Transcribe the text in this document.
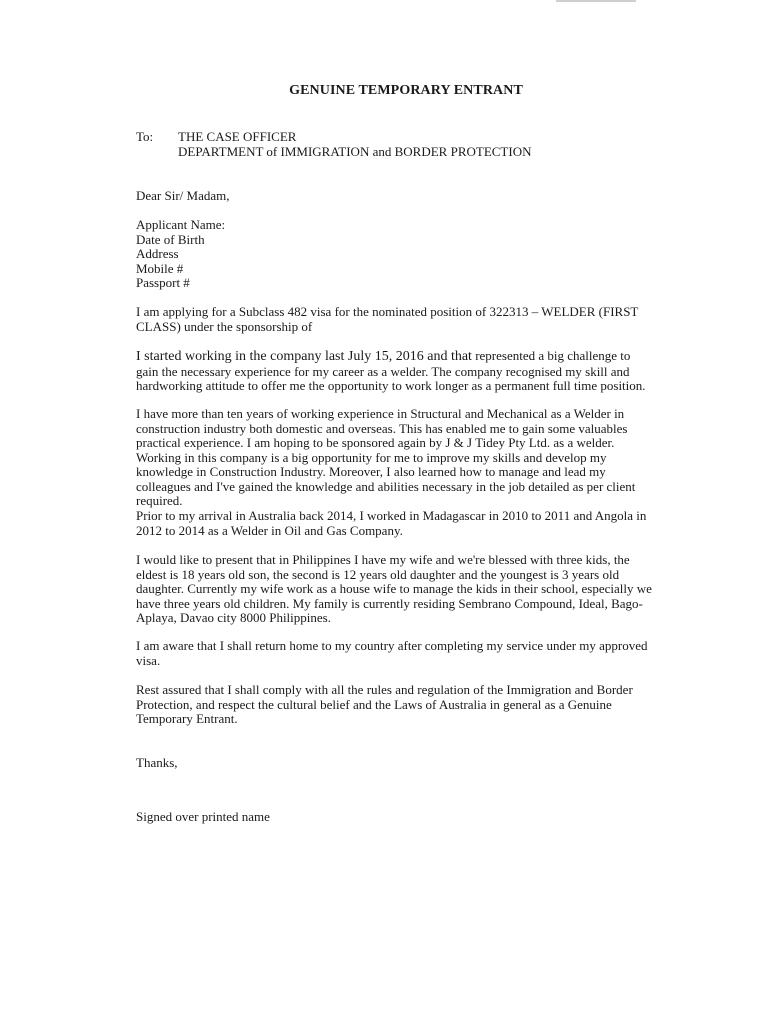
GENUINE TEMPORARY ENTRANT
To: THE CASE OFFICER
DEPARTMENT of IMMIGRATION and BORDER PROTECTION
Dear Sir/ Madam,
Applicant Name:
Date of Birth
Address
Mobile #
Passport #

I am applying for a Subclass 482 visa for the nominated position of 322313 – WELDER (FIRST CLASS) under the sponsorship of

I started working in the company last July 15, 2016 and that represented a big challenge to gain the necessary experience for my career as a welder. The company recognised my skill and hardworking attitude to offer me the opportunity to work longer as a permanent full time position.

I have more than ten years of working experience in Structural and Mechanical as a Welder in construction industry both domestic and overseas. This has enabled me to gain some valuables practical experience. I am hoping to be sponsored again by J & J Tidey Pty Ltd. as a welder. Working in this company is a big opportunity for me to improve my skills and develop my knowledge in Construction Industry. Moreover, I also learned how to manage and lead my colleagues and I've gained the knowledge and abilities necessary in the job detailed as per client required.

Prior to my arrival in Australia back 2014, I worked in Madagascar in 2010 to 2011 and Angola in 2012 to 2014 as a Welder in Oil and Gas Company.

I would like to present that in Philippines I have my wife and we're blessed with three kids, the eldest is 18 years old son, the second is 12 years old daughter and the youngest is 3 years old daughter. Currently my wife work as a house wife to manage the kids in their school, especially we have three years old children. My family is currently residing Sembrano Compound, Ideal, Bago-Aplaya, Davao city 8000 Philippines.

I am aware that I shall return home to my country after completing my service under my approved visa.

Rest assured that I shall comply with all the rules and regulation of the Immigration and Border Protection, and respect the cultural belief and the Laws of Australia in general as a Genuine Temporary Entrant.

Thanks,
Signed over printed name
